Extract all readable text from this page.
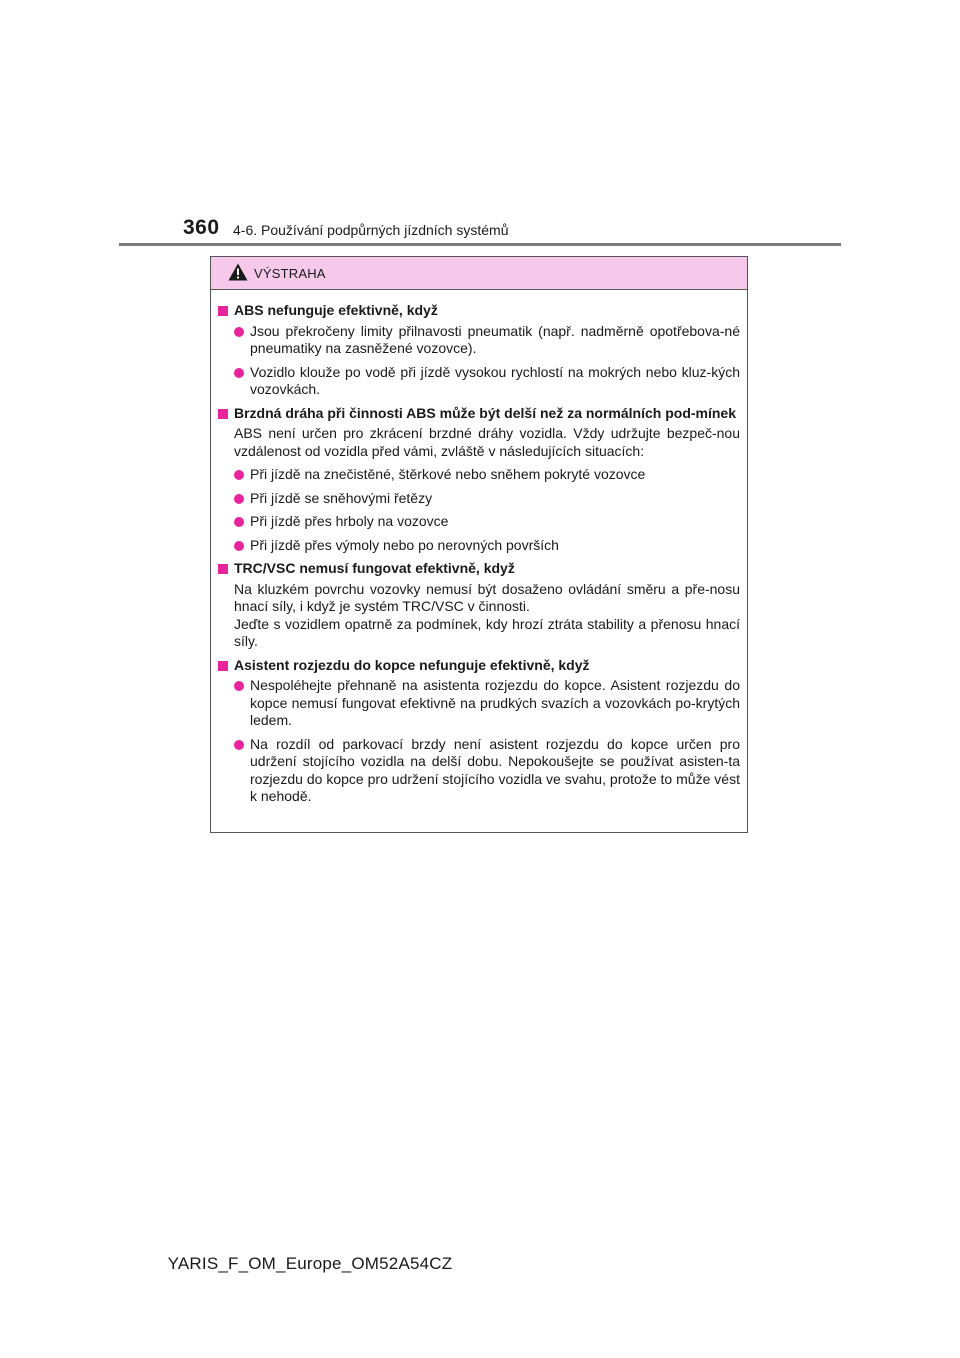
360 4-6. Používání podpůrných jízdních systémů
VÝSTRAHA
ABS nefunguje efektivně, když
Jsou překročeny limity přilnavosti pneumatik (např. nadměrně opotřebova-né pneumatiky na zasněžené vozovce).
Vozidlo klouže po vodě při jízdě vysokou rychlostí na mokrých nebo kluz-kých vozovkách.
Brzdná dráha při činnosti ABS může být delší než za normálních pod-mínek
ABS není určen pro zkrácení brzdné dráhy vozidla. Vždy udržujte bezpeč-nou vzdálenost od vozidla před vámi, zvláště v následujících situacích:
Při jízdě na znečistěné, štěrkové nebo sněhem pokryté vozovce
Při jízdě se sněhovými řetězy
Při jízdě přes hrboly na vozovce
Při jízdě přes výmoly nebo po nerovných površích
TRC/VSC nemusí fungovat efektivně, když
Na kluzkém povrchu vozovky nemusí být dosaženo ovládání směru a pře-nosu hnací síly, i když je systém TRC/VSC v činnosti.
Jeďte s vozidlem opatrně za podmínek, kdy hrozí ztráta stability a přenosu hnací síly.
Asistent rozjezdu do kopce nefunguje efektivně, když
Nespoléhejte přehnaně na asistenta rozjezdu do kopce. Asistent rozjezdu do kopce nemusí fungovat efektivně na prudkých svazích a vozovkách po-krytých ledem.
Na rozdíl od parkovací brzdy není asistent rozjezdu do kopce určen pro udržení stojícího vozidla na delší dobu. Nepokoušejte se používat asisten-ta rozjezdu do kopce pro udržení stojícího vozidla ve svahu, protože to může vést k nehodě.
YARIS_F_OM_Europe_OM52A54CZ
